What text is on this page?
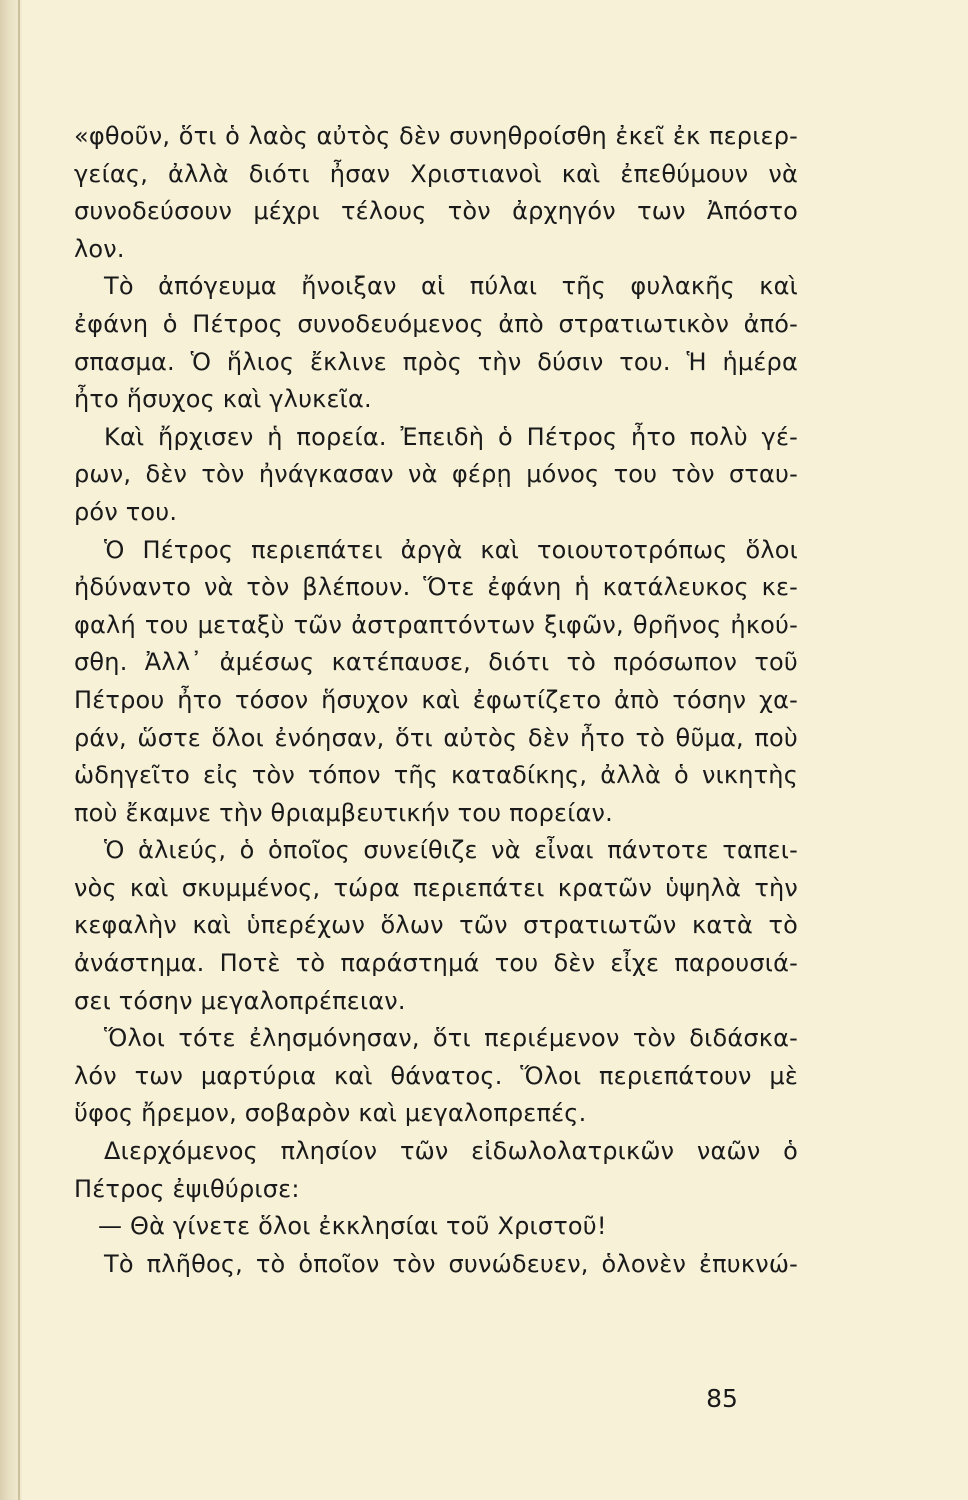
«φθοῦν, ὅτι ὁ λαὸς αὐτὸς δὲν συνηθροίσθη ἐκεῖ ἐκ περιερ-
γείας, ἀλλὰ διότι ἦσαν Χριστιανοὶ καὶ ἐπεθύμουν νὰ
συνοδεύσουν μέχρι τέλους τὸν ἀρχηγόν των Ἀπόστο
λον.
Τὸ ἀπόγευμα ἤνοιξαν αἱ πύλαι τῆς φυλακῆς καὶ
ἐφάνη ὁ Πέτρος συνοδευόμενος ἀπὸ στρατιωτικὸν ἀπό-
σπασμα. Ὁ ἥλιος ἔκλινε πρὸς τὴν δύσιν του. Ἡ ἡμέρα
ἦτο ἥσυχος καὶ γλυκεῖα.
Καὶ ἤρχισεν ἡ πορεία. Ἐπειδὴ ὁ Πέτρος ἦτο πολὺ γέ-
ρων, δὲν τὸν ἠνάγκασαν νὰ φέρῃ μόνος του τὸν σταυ-
ρόν του.
Ὁ Πέτρος περιεπάτει ἀργὰ καὶ τοιουτοτρόπως ὅλοι
ἠδύναντο νὰ τὸν βλέπουν. Ὅτε ἐφάνη ἡ κατάλευκος κε-
φαλή του μεταξὺ τῶν ἀστραπτόντων ξιφῶν, θρῆνος ἠκού-
σθη. Ἀλλ᾿ ἀμέσως κατέπαυσε, διότι τὸ πρόσωπον τοῦ
Πέτρου ἦτο τόσον ἥσυχον καὶ ἐφωτίζετο ἀπὸ τόσην χα-
ράν, ὥστε ὅλοι ἐνόησαν, ὅτι αὐτὸς δὲν ἦτο τὸ θῦμα, ποὺ
ὡδηγεῖτο εἰς τὸν τόπον τῆς καταδίκης, ἀλλὰ ὁ νικητὴς
ποὺ ἔκαμνε τὴν θριαμβευτικήν του πορείαν.
Ὁ ἁλιεύς, ὁ ὁποῖος συνείθιζε νὰ εἶναι πάντοτε ταπει-
νὸς καὶ σκυμμένος, τώρα περιεπάτει κρατῶν ὑψηλὰ τὴν
κεφαλὴν καὶ ὑπερέχων ὅλων τῶν στρατιωτῶν κατὰ τὸ
ἀνάστημα. Ποτὲ τὸ παράστημά του δὲν εἶχε παρουσιά-
σει τόσην μεγαλοπρέπειαν.
Ὅλοι τότε ἐλησμόνησαν, ὅτι περιέμενον τὸν διδάσκα-
λόν των μαρτύρια καὶ θάνατος. Ὅλοι περιεπάτουν μὲ
ὕφος ἤρεμον, σοβαρὸν καὶ μεγαλοπρεπές.
Διερχόμενος πλησίον τῶν εἰδωλολατρικῶν ναῶν ὁ
Πέτρος ἐψιθύρισε:
— Θὰ γίνετε ὅλοι ἐκκλησίαι τοῦ Χριστοῦ!
Τὸ πλῆθος, τὸ ὁποῖον τὸν συνώδευεν, ὁλονὲν ἐπυκνώ-
85
